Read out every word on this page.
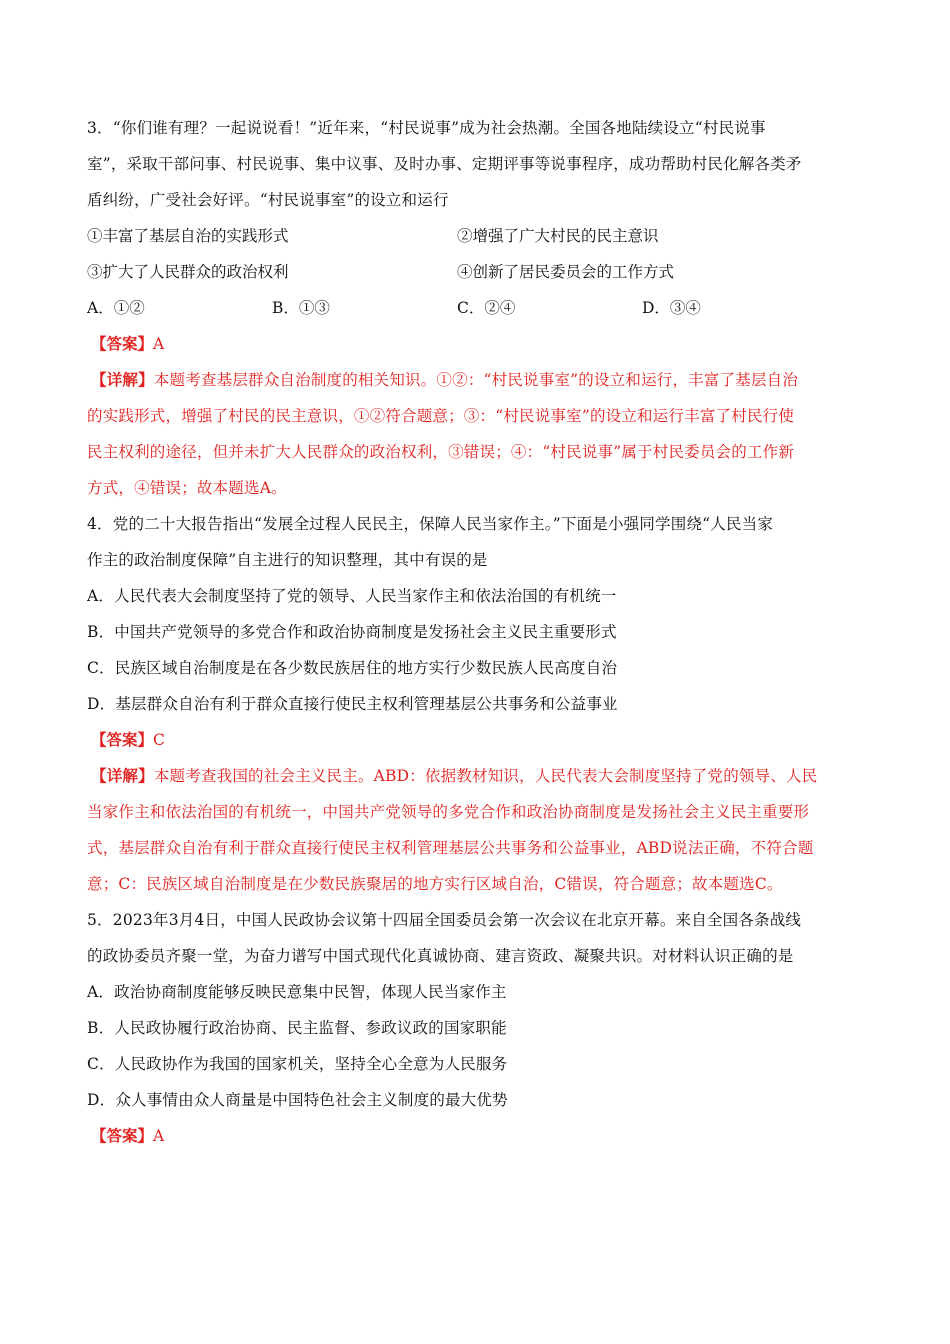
3．“你们谁有理？一起说说看！”近年来，“村民说事”成为社会热潮。全国各地陆续设立“村民说事
室”，采取干部问事、村民说事、集中议事、及时办事、定期评事等说事程序，成功帮助村民化解各类矛
盾纠纷，广受社会好评。“村民说事室”的设立和运行
①丰富了基层自治的实践形式	②增强了广大村民的民主意识
③扩大了人民群众的政治权利	④创新了居民委员会的工作方式
A．①②	B．①③	C．②④	D．③④
【答案】A
【详解】本题考查基层群众自治制度的相关知识。①②：“村民说事室”的设立和运行，丰富了基层自治
的实践形式，增强了村民的民主意识，①②符合题意；③：“村民说事室”的设立和运行丰富了村民行使
民主权利的途径，但并未扩大人民群众的政治权利，③错误；④：“村民说事”属于村民委员会的工作新
方式，④错误；故本题选A。
4．党的二十大报告指出“发展全过程人民民主，保障人民当家作主。”下面是小强同学围绕“人民当家
作主的政治制度保障”自主进行的知识整理，其中有误的是
A．人民代表大会制度坚持了党的领导、人民当家作主和依法治国的有机统一
B．中国共产党领导的多党合作和政治协商制度是发扬社会主义民主重要形式
C．民族区域自治制度是在各少数民族居住的地方实行少数民族人民高度自治
D．基层群众自治有利于群众直接行使民主权利管理基层公共事务和公益事业
【答案】C
【详解】本题考查我国的社会主义民主。ABD：依据教材知识，人民代表大会制度坚持了党的领导、人民
当家作主和依法治国的有机统一，中国共产党领导的多党合作和政治协商制度是发扬社会主义民主重要形
式，基层群众自治有利于群众直接行使民主权利管理基层公共事务和公益事业，ABD说法正确，不符合题
意；C：民族区域自治制度是在少数民族聚居的地方实行区域自治，C错误，符合题意；故本题选C。
5．2023年3月4日，中国人民政协会议第十四届全国委员会第一次会议在北京开幕。来自全国各条战线
的政协委员齐聚一堂，为奋力谱写中国式现代化真诚协商、建言资政、凝聚共识。对材料认识正确的是
A．政治协商制度能够反映民意集中民智，体现人民当家作主
B．人民政协履行政治协商、民主监督、参政议政的国家职能
C．人民政协作为我国的国家机关，坚持全心全意为人民服务
D．众人事情由众人商量是中国特色社会主义制度的最大优势
【答案】A
